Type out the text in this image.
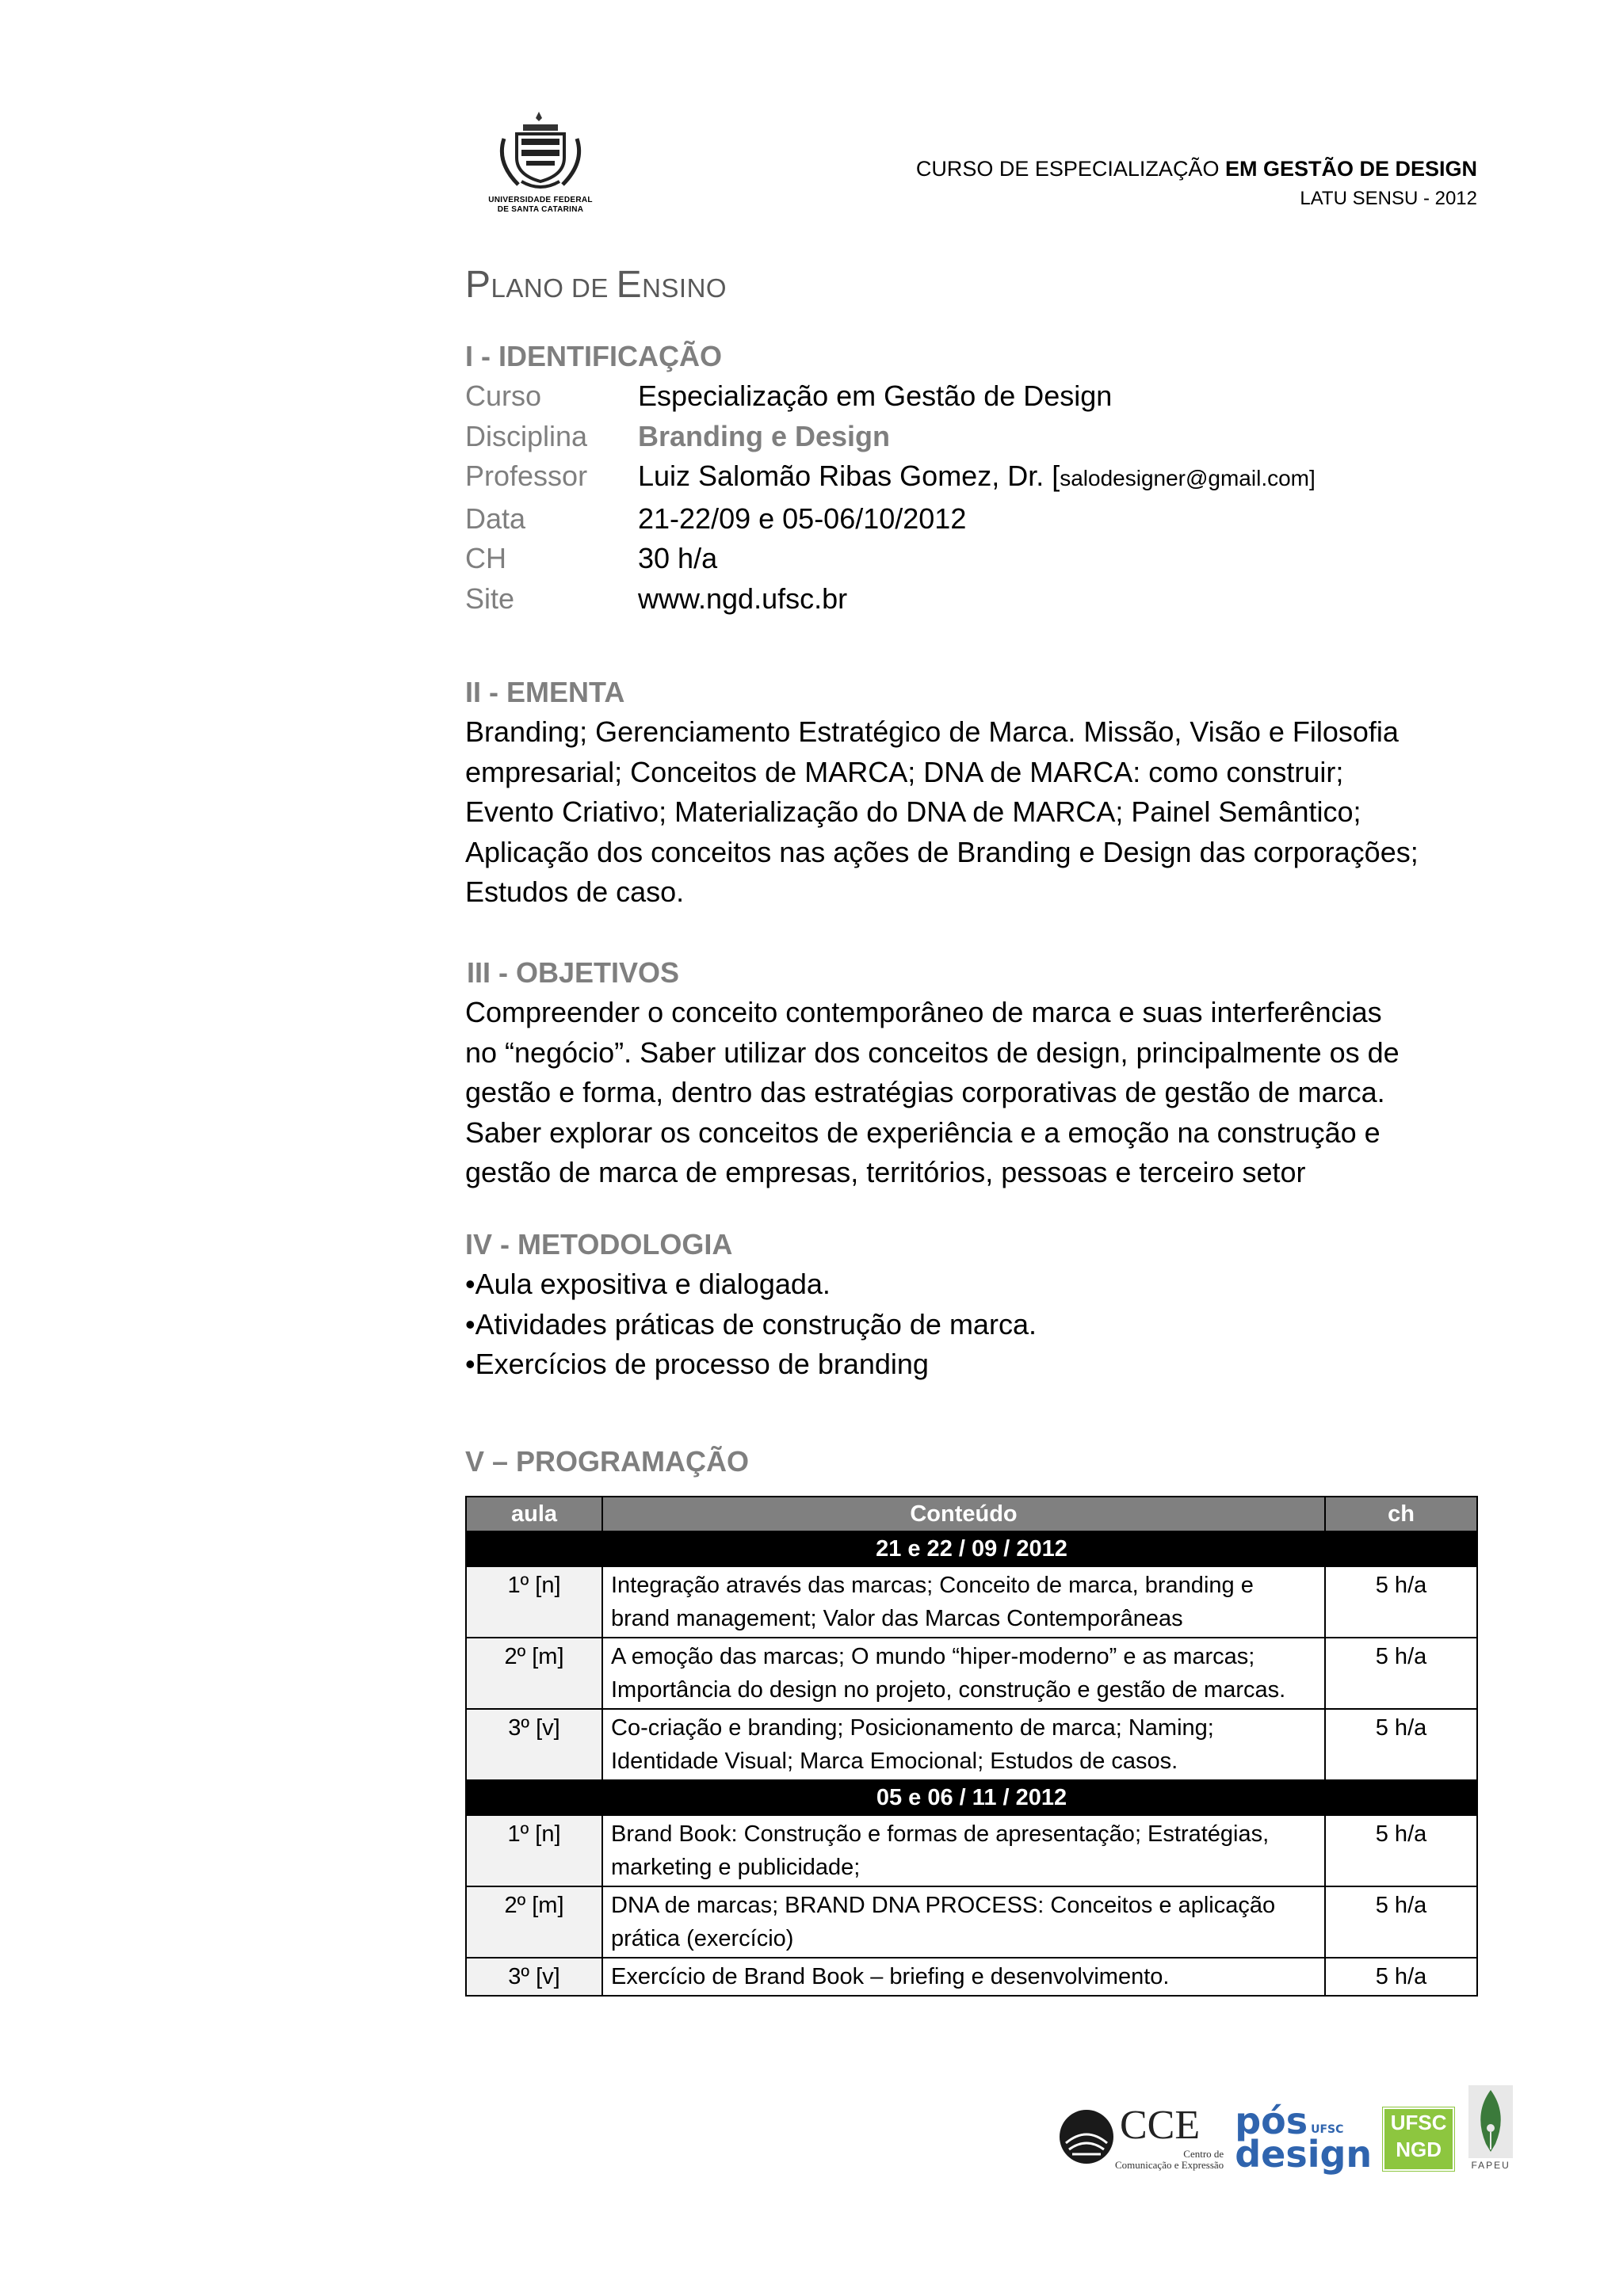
UNIVERSIDADE FEDERAL
DE SANTA CATARINA
CURSO DE ESPECIALIZAÇÃO EM GESTÃO DE DESIGN
LATU SENSU - 2012
PLANO DE ENSINO
I - IDENTIFICAÇÃO
Curso	Especialização em Gestão de Design
Disciplina	Branding e Design
Professor	Luiz Salomão Ribas Gomez, Dr. [salodesigner@gmail.com]
Data	21-22/09 e 05-06/10/2012
CH	30 h/a
Site	www.ngd.ufsc.br
II - EMENTA
Branding; Gerenciamento Estratégico de Marca. Missão, Visão e Filosofia
empresarial; Conceitos de MARCA; DNA de MARCA: como construir;
Evento Criativo; Materialização do DNA de MARCA; Painel Semântico;
Aplicação dos conceitos nas ações de Branding e Design das corporações;
Estudos de caso.
III - OBJETIVOS
Compreender o conceito contemporâneo de marca e suas interferências
no “negócio”. Saber utilizar dos conceitos de design, principalmente os de
gestão e forma, dentro das estratégias corporativas de gestão de marca.
Saber explorar os conceitos de experiência e a emoção na construção e
gestão de marca de empresas, territórios, pessoas e terceiro setor
IV - METODOLOGIA
•Aula expositiva e dialogada.
•Atividades práticas de construção de marca.
•Exercícios de processo de branding
V – PROGRAMAÇÃO
aula	Conteúdo	ch
21 e 22 / 09 / 2012		
1º [n]	Integração através das marcas; Conceito de marca, branding e brand management; Valor das Marcas Contemporâneas	5 h/a
2º [m]	A emoção das marcas; O mundo “hiper-moderno” e as marcas; Importância do design no projeto, construção e gestão de marcas.	5 h/a
3º [v]	Co-criação e branding; Posicionamento de marca; Naming; Identidade Visual; Marca Emocional; Estudos de casos.	5 h/a
05 e 06 / 11 / 2012		
1º [n]	Brand Book: Construção e formas de apresentação; Estratégias, marketing e publicidade;	5 h/a
2º [m]	DNA de marcas; BRAND DNA PROCESS: Conceitos e aplicação prática (exercício)	5 h/a
3º [v]	Exercício de Brand Book – briefing e desenvolvimento.	5 h/a
CCE
Centro de
Comunicação e Expressão
pós UFSC
design
UFSC
NGD
FAPEU
